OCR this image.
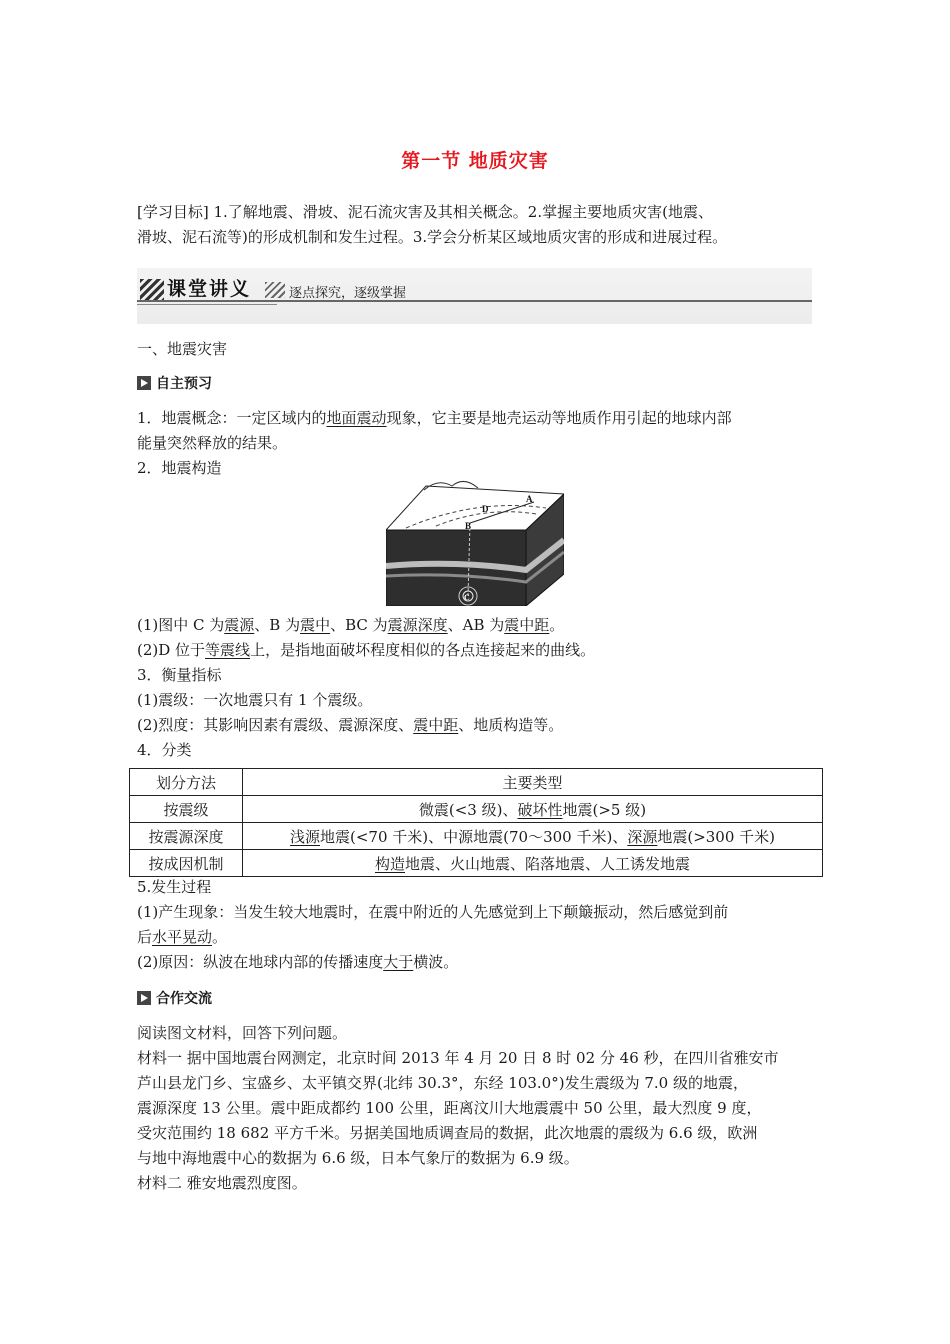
第一节 地质灾害
[学习目标] 1.了解地震、滑坡、泥石流灾害及其相关概念。2.掌握主要地质灾害(地震、
滑坡、泥石流等)的形成机制和发生过程。3.学会分析某区域地质灾害的形成和进展过程。
课堂讲义	逐点探究，逐级掌握
一、地震灾害
自主预习
1．地震概念：一定区域内的地面震动现象，它主要是地壳运动等地质作用引起的地球内部
能量突然释放的结果。
2．地震构造
A
B
D
C
(1)图中 C 为震源、B 为震中、BC 为震源深度、AB 为震中距。
(2)D 位于等震线上，是指地面破坏程度相似的各点连接起来的曲线。
3．衡量指标
(1)震级：一次地震只有 1 个震级。
(2)烈度：其影响因素有震级、震源深度、震中距、地质构造等。
4．分类
划分方法	主要类型
按震级	微震(<3 级)、破坏性地震(>5 级)
按震源深度	浅源地震(<70 千米)、中源地震(70～300 千米)、深源地震(>300 千米)
按成因机制	构造地震、火山地震、陷落地震、人工诱发地震
5.发生过程
(1)产生现象：当发生较大地震时，在震中附近的人先感觉到上下颠簸振动，然后感觉到前
后水平晃动。
(2)原因：纵波在地球内部的传播速度大于横波。
合作交流
阅读图文材料，回答下列问题。
材料一 据中国地震台网测定，北京时间 2013 年 4 月 20 日 8 时 02 分 46 秒，在四川省雅安市
芦山县龙门乡、宝盛乡、太平镇交界(北纬 30.3°，东经 103.0°)发生震级为 7.0 级的地震，
震源深度 13 公里。震中距成都约 100 公里，距离汶川大地震震中 50 公里，最大烈度 9 度，
受灾范围约 18 682 平方千米。另据美国地质调查局的数据，此次地震的震级为 6.6 级，欧洲
与地中海地震中心的数据为 6.6 级，日本气象厅的数据为 6.9 级。
材料二 雅安地震烈度图。
